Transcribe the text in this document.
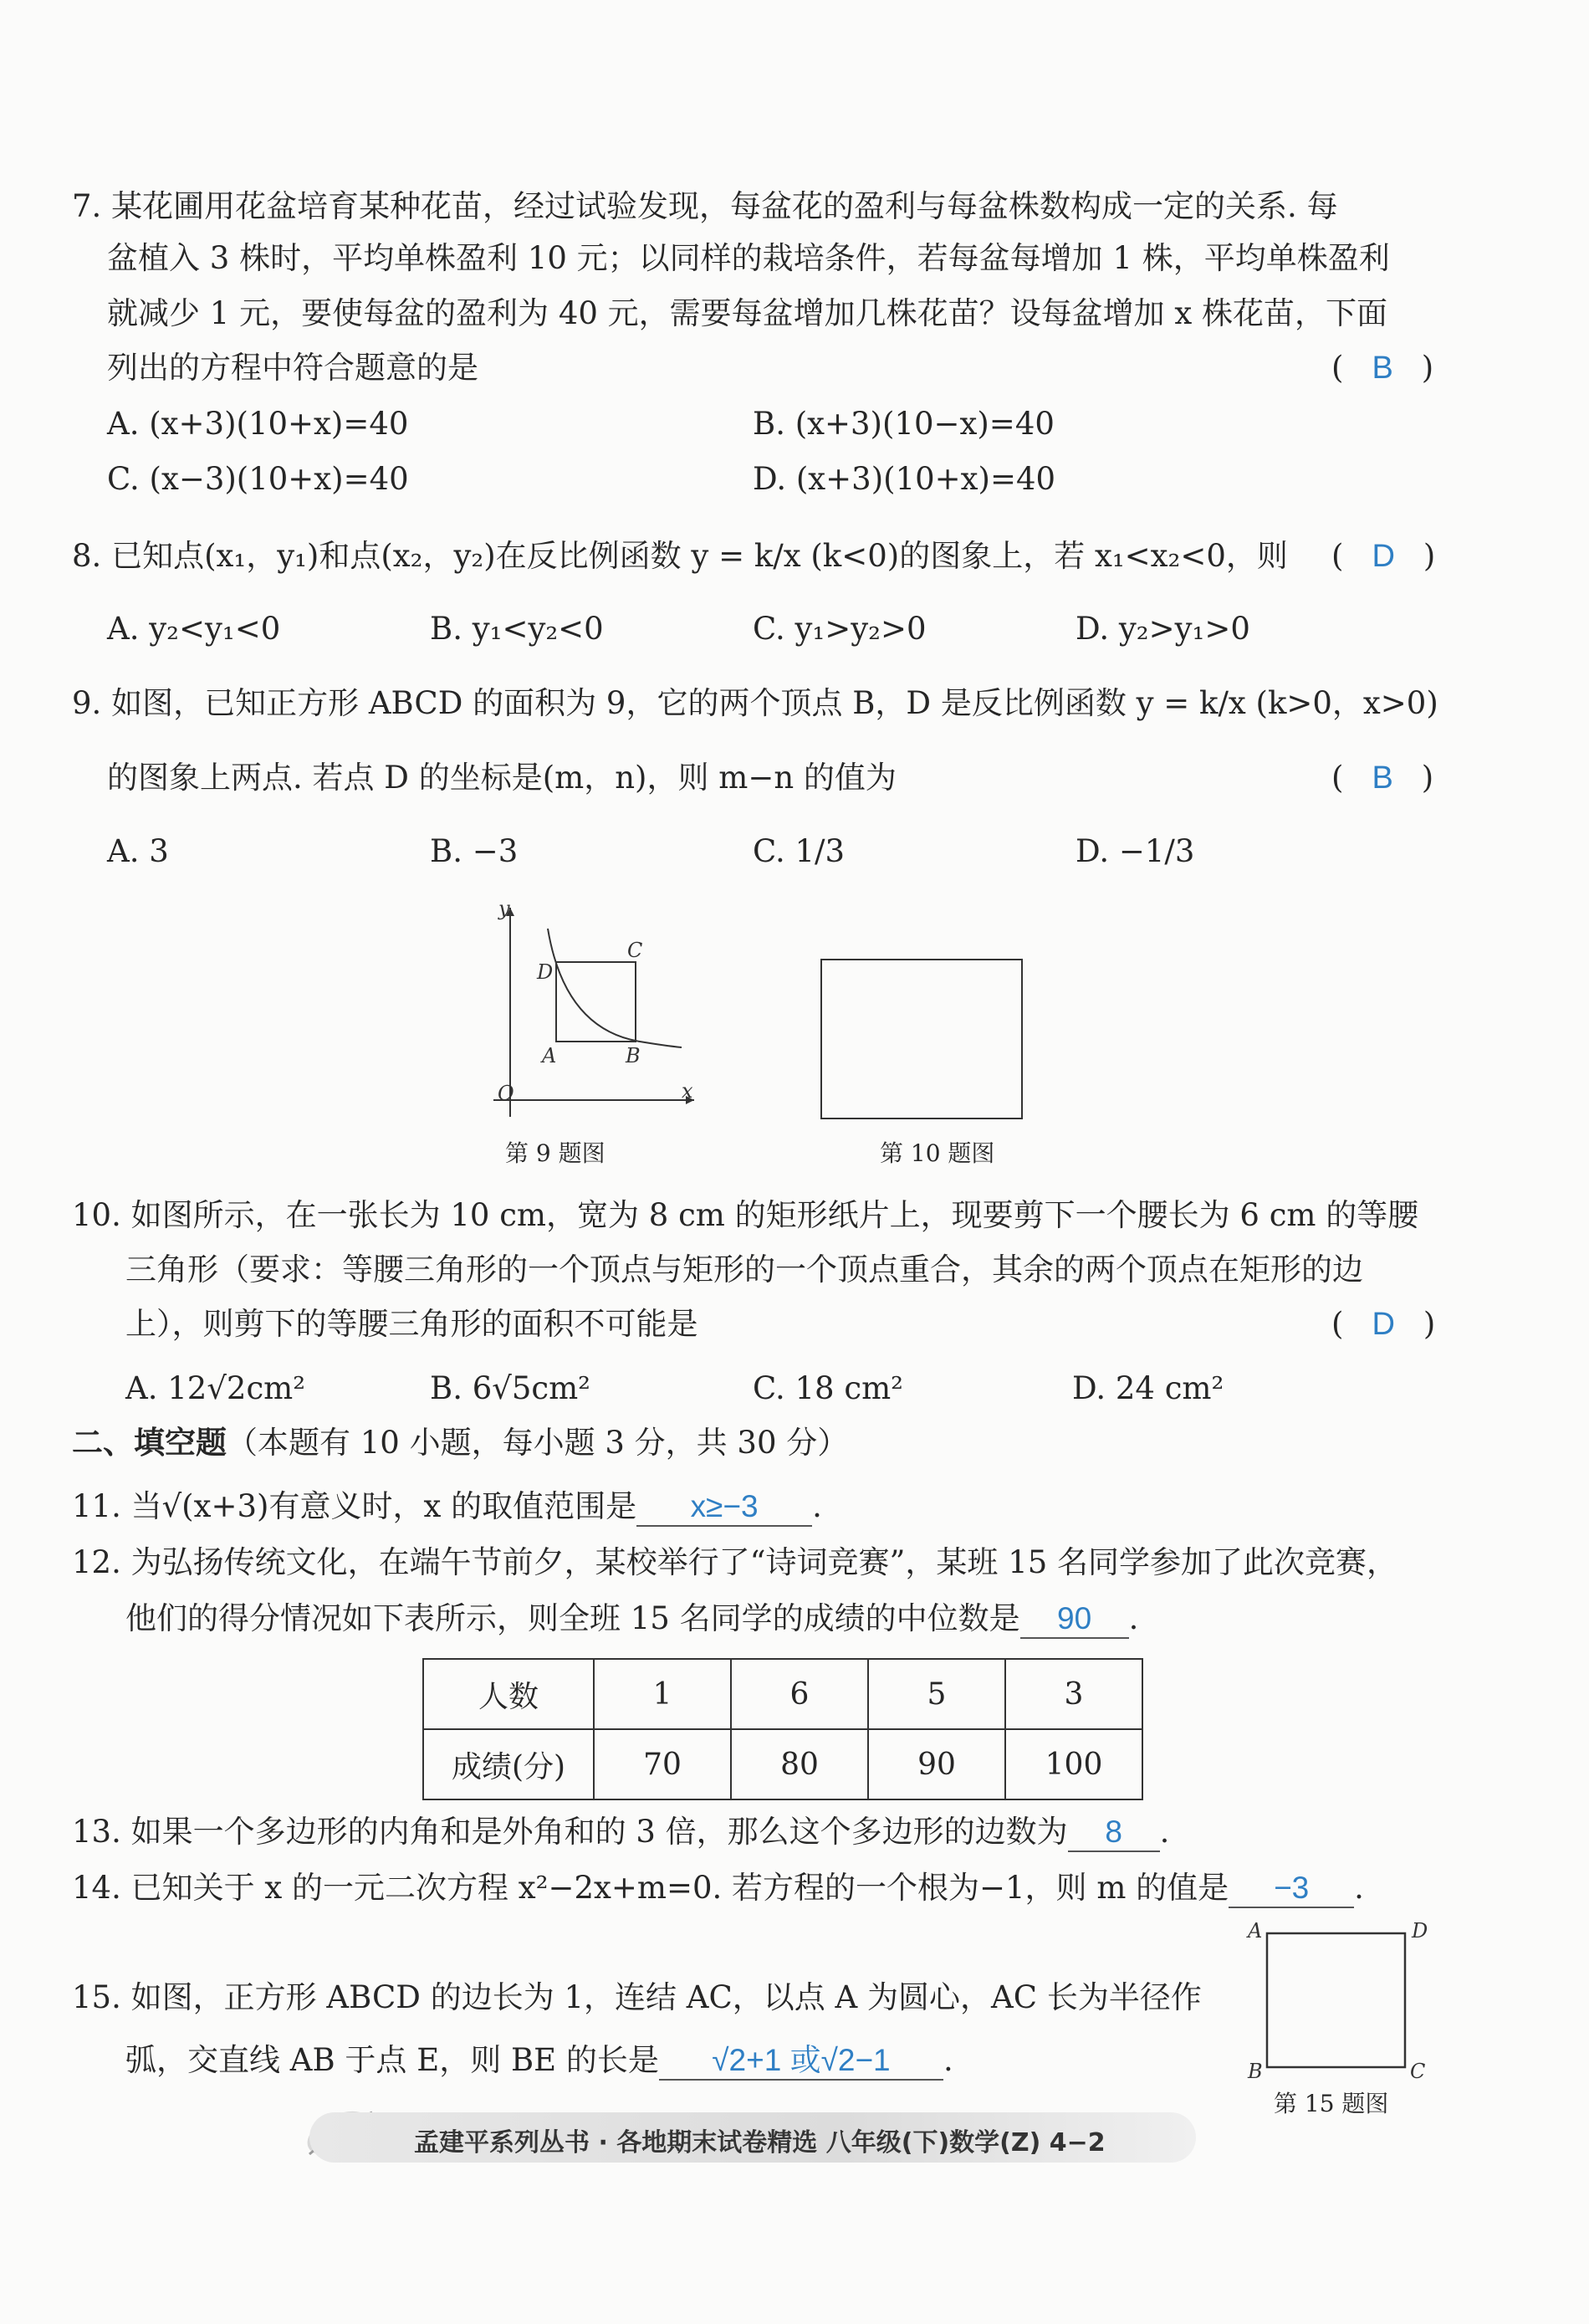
7. 某花圃用花盆培育某种花苗，经过试验发现，每盆花的盈利与每盆株数构成一定的关系. 每
盆植入 3 株时，平均单株盈利 10 元；以同样的栽培条件，若每盆每增加 1 株，平均单株盈利
就减少 1 元，要使每盆的盈利为 40 元，需要每盆增加几株花苗？设每盆增加 x 株花苗，下面
列出的方程中符合题意的是	( B )
A. (x+3)(10+x)=40	B. (x+3)(10−x)=40
C. (x−3)(10+x)=40	D. (x+3)(10+x)=40
8. 已知点(x₁，y₁)和点(x₂，y₂)在反比例函数 y = k/x (k<0)的图象上，若 x₁<x₂<0，则 ( D )
A. y₂<y₁<0	B. y₁<y₂<0	C. y₁>y₂>0	D. y₂>y₁>0
9. 如图，已知正方形 ABCD 的面积为 9，它的两个顶点 B，D 是反比例函数 y = k/x (k>0，x>0)
的图象上两点. 若点 D 的坐标是(m，n)，则 m−n 的值为	( B )
A. 3	B. −3	C. 1/3	D. −1/3
y
x
O
A	B
C
D
第 9 题图	第 10 题图
10. 如图所示，在一张长为 10 cm，宽为 8 cm 的矩形纸片上，现要剪下一个腰长为 6 cm 的等腰
三角形（要求：等腰三角形的一个顶点与矩形的一个顶点重合，其余的两个顶点在矩形的边
上），则剪下的等腰三角形的面积不可能是	( D )
A. 12√2cm²	B. 6√5cm²	C. 18 cm²	D. 24 cm²
二、填空题（本题有 10 小题，每小题 3 分，共 30 分）
11. 当√(x+3)有意义时，x 的取值范围是 x≥−3 .
12. 为弘扬传统文化，在端午节前夕，某校举行了“诗词竞赛”，某班 15 名同学参加了此次竞赛，
他们的得分情况如下表所示，则全班 15 名同学的成绩的中位数是 90 .
人数	1	6	5	3
成绩(分)	70	80	90	100
13. 如果一个多边形的内角和是外角和的 3 倍，那么这个多边形的边数为 8 .
14. 已知关于 x 的一元二次方程 x²−2x+m=0. 若方程的一个根为−1，则 m 的值是 −3 .
A	D
B	C
第 15 题图
15. 如图，正方形 ABCD 的边长为 1，连结 AC，以点 A 为圆心，AC 长为半径作
弧，交直线 AB 于点 E，则 BE 的长是 √2+1 或√2−1 .
孟建平系列丛书 · 各地期末试卷精选 八年级(下)数学(Z) 4−2
